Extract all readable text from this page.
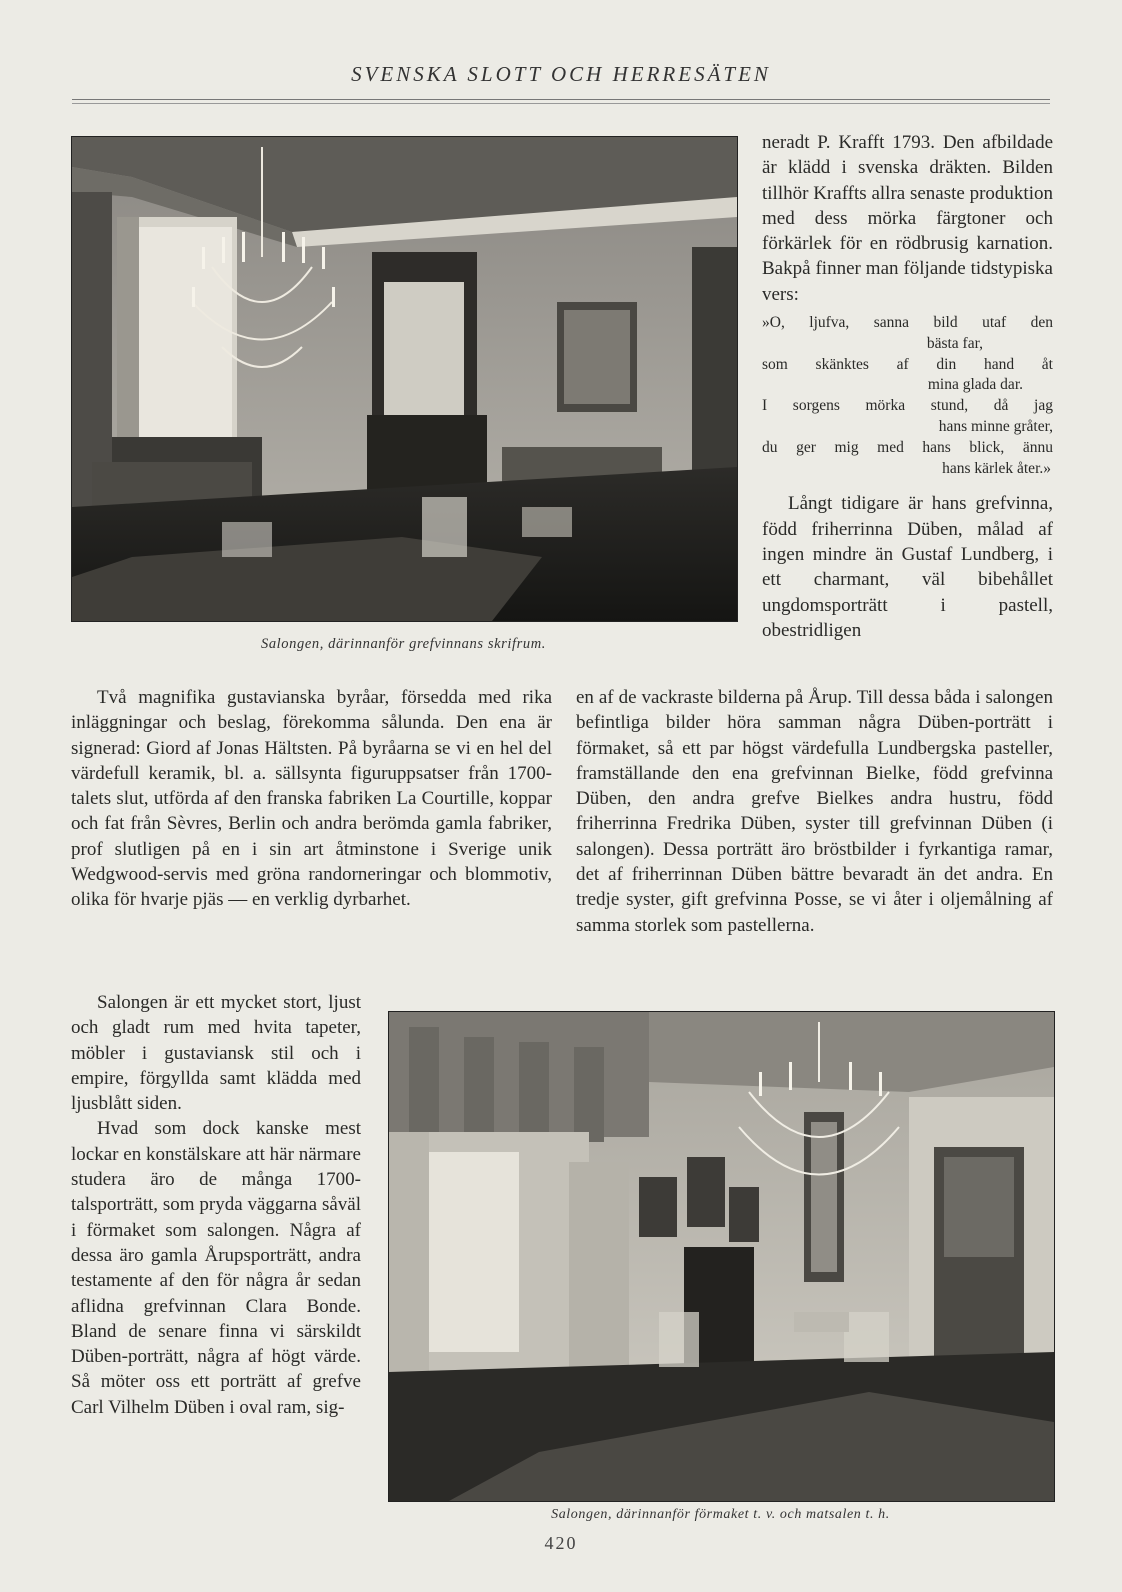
SVENSKA SLOTT OCH HERRESÄTEN
Salongen, därinnanför grefvinnans skrifrum.

neradt P. Krafft 1793. Den afbildade är klädd i svenska dräkten. Bilden tillhör Kraffts allra senaste produktion med dess mörka färgtoner och förkärlek för en rödbrusig karnation. Bakpå finner man följande tidstypiska vers:

»O, ljufva, sanna bild utaf den
bästa far,
som skänktes af din hand åt
mina glada dar.
I sorgens mörka stund, då jag
hans minne gråter,
du ger mig med hans blick, ännu
hans kärlek åter.»

Långt tidigare är hans grefvinna, född friherrinna Düben, målad af ingen mindre än Gustaf Lundberg, i ett charmant, väl bibehållet ungdomsporträtt i pastell, obestridligen

en af de vackraste bilderna på Årup. Till dessa båda i salongen befintliga bilder höra samman några Düben-porträtt i förmaket, så ett par högst värdefulla Lundbergska pasteller, framställande den ena grefvinnan Bielke, född grefvinna Düben, den andra grefve Bielkes andra hustru, född friherrinna Fredrika Düben, syster till grefvinnan Düben (i salongen). Dessa porträtt äro bröstbilder i fyrkantiga ramar, det af friherrinnan Düben bättre bevaradt än det andra. En tredje syster, gift grefvinna Posse, se vi åter i oljemålning af samma storlek som pastellerna.

Två magnifika gustavianska byråar, försedda med rika inläggningar och beslag, förekomma sålunda. Den ena är signerad: Giord af Jonas Hältsten. På byråarna se vi en hel del värdefull keramik, bl. a. sällsynta figuruppsatser från 1700-talets slut, utförda af den franska fabriken La Courtille, koppar och fat från Sèvres, Berlin och andra berömda gamla fabriker, prof slutligen på en i sin art åtminstone i Sverige unik Wedgwood-servis med gröna randorneringar och blommotiv, olika för hvarje pjäs — en verklig dyrbarhet.

Salongen är ett mycket stort, ljust och gladt rum med hvita tapeter, möbler i gustaviansk stil och i empire, förgyllda samt klädda med ljusblått siden.

Hvad som dock kanske mest lockar en konstälskare att här närmare studera äro de många 1700-talsporträtt, som pryda väggarna såväl i förmaket som salongen. Några af dessa äro gamla Årupsporträtt, andra testamente af den för några år sedan aflidna grefvinnan Clara Bonde. Bland de senare finna vi särskildt Düben-porträtt, några af högt värde. Så möter oss ett porträtt af grefve Carl Vilhelm Düben i oval ram, sig-

Salongen, därinnanför förmaket t. v. och matsalen t. h.
420
